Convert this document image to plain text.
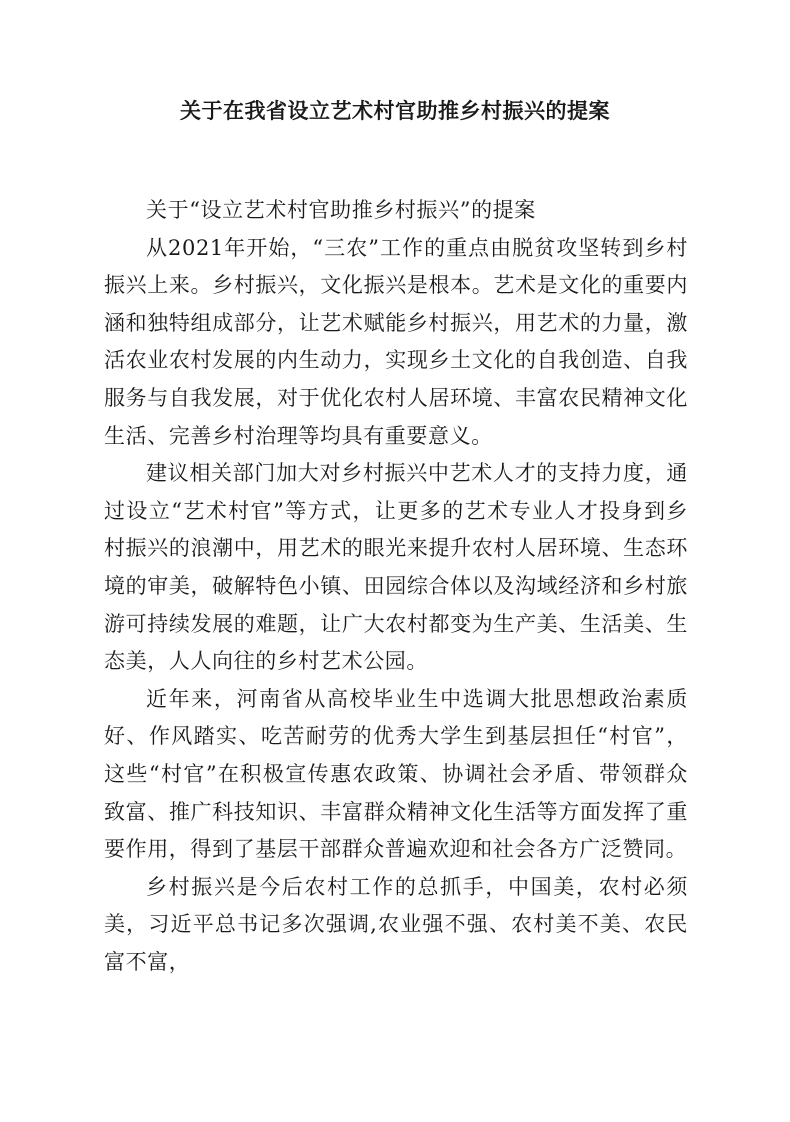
关于在我省设立艺术村官助推乡村振兴的提案

关于“设立艺术村官助推乡村振兴”的提案

从2021年开始，“三农”工作的重点由脱贫攻坚转到乡村振兴上来。乡村振兴，文化振兴是根本。艺术是文化的重要内涵和独特组成部分，让艺术赋能乡村振兴，用艺术的力量，激活农业农村发展的内生动力，实现乡土文化的自我创造、自我服务与自我发展，对于优化农村人居环境、丰富农民精神文化生活、完善乡村治理等均具有重要意义。

建议相关部门加大对乡村振兴中艺术人才的支持力度，通过设立“艺术村官”等方式，让更多的艺术专业人才投身到乡村振兴的浪潮中，用艺术的眼光来提升农村人居环境、生态环境的审美，破解特色小镇、田园综合体以及沟域经济和乡村旅游可持续发展的难题，让广大农村都变为生产美、生活美、生态美，人人向往的乡村艺术公园。

近年来，河南省从高校毕业生中选调大批思想政治素质好、作风踏实、吃苦耐劳的优秀大学生到基层担任“村官”，这些“村官”在积极宣传惠农政策、协调社会矛盾、带领群众致富、推广科技知识、丰富群众精神文化生活等方面发挥了重要作用，得到了基层干部群众普遍欢迎和社会各方广泛赞同。

乡村振兴是今后农村工作的总抓手，中国美，农村必须美，习近平总书记多次强调,农业强不强、农村美不美、农民富不富，
